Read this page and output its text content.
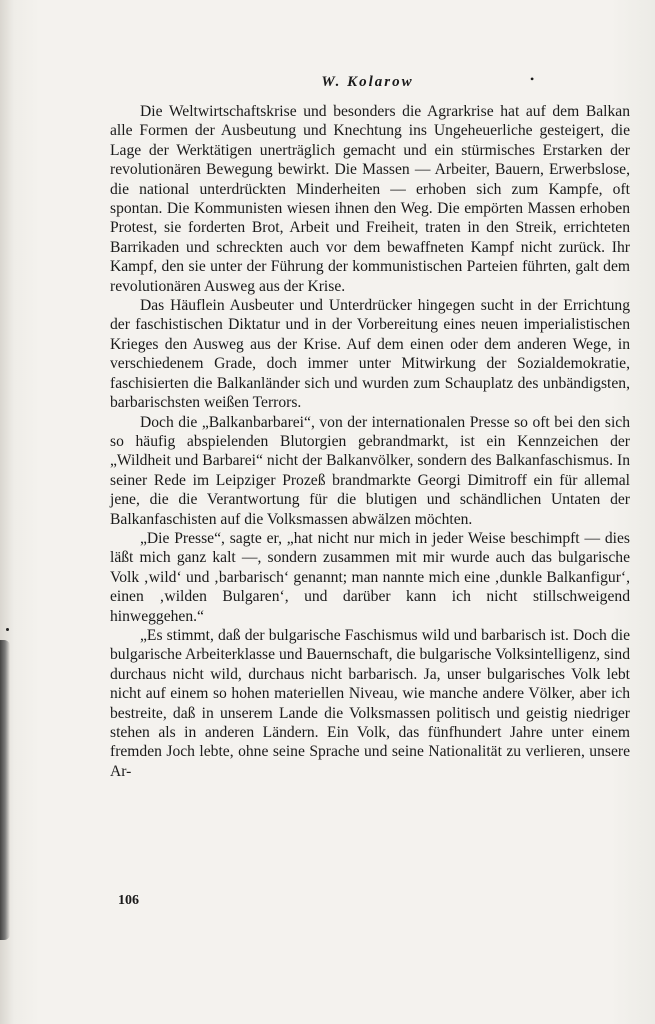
W. Kolarow	•

Die Weltwirtschaftskrise und besonders die Agrarkrise hat auf dem Balkan alle Formen der Ausbeutung und Knechtung ins Ungeheuerliche gesteigert, die Lage der Werktätigen unerträglich gemacht und ein stürmisches Erstarken der revolutionären Bewegung bewirkt. Die Massen — Arbeiter, Bauern, Erwerbslose, die national unterdrückten Minderheiten — erhoben sich zum Kampfe, oft spontan. Die Kommunisten wiesen ihnen den Weg. Die empörten Massen erhoben Protest, sie forderten Brot, Arbeit und Freiheit, traten in den Streik, errichteten Barrikaden und schreckten auch vor dem bewaffneten Kampf nicht zurück. Ihr Kampf, den sie unter der Führung der kommunistischen Parteien führten, galt dem revolutionären Ausweg aus der Krise.

Das Häuflein Ausbeuter und Unterdrücker hingegen sucht in der Errichtung der faschistischen Diktatur und in der Vorbereitung eines neuen imperialistischen Krieges den Ausweg aus der Krise. Auf dem einen oder dem anderen Wege, in verschiedenem Grade, doch immer unter Mitwirkung der Sozialdemokratie, faschisierten die Balkanländer sich und wurden zum Schauplatz des unbändigsten, barbarischsten weißen Terrors.

Doch die „Balkanbarbarei“, von der internationalen Presse so oft bei den sich so häufig abspielenden Blutorgien gebrandmarkt, ist ein Kennzeichen der „Wildheit und Barbarei“ nicht der Balkanvölker, sondern des Balkanfaschismus. In seiner Rede im Leipziger Prozeß brandmarkte Georgi Dimitroff ein für allemal jene, die die Verantwortung für die blutigen und schändlichen Untaten der Balkanfaschisten auf die Volksmassen abwälzen möchten.

„Die Presse“, sagte er, „hat nicht nur mich in jeder Weise beschimpft — dies läßt mich ganz kalt —, sondern zusammen mit mir wurde auch das bulgarische Volk ‚wild‘ und ‚barbarisch‘ genannt; man nannte mich eine ‚dunkle Balkanfigur‘, einen ‚wilden Bulgaren‘, und darüber kann ich nicht stillschweigend hinweggehen.“

„Es stimmt, daß der bulgarische Faschismus wild und barbarisch ist. Doch die bulgarische Arbeiterklasse und Bauernschaft, die bulgarische Volksintelligenz, sind durchaus nicht wild, durchaus nicht barbarisch. Ja, unser bulgarisches Volk lebt nicht auf einem so hohen materiellen Niveau, wie manche andere Völker, aber ich bestreite, daß in unserem Lande die Volksmassen politisch und geistig niedriger stehen als in anderen Ländern. Ein Volk, das fünfhundert Jahre unter einem fremden Joch lebte, ohne seine Sprache und seine Nationalität zu verlieren, unsere Ar-

106
